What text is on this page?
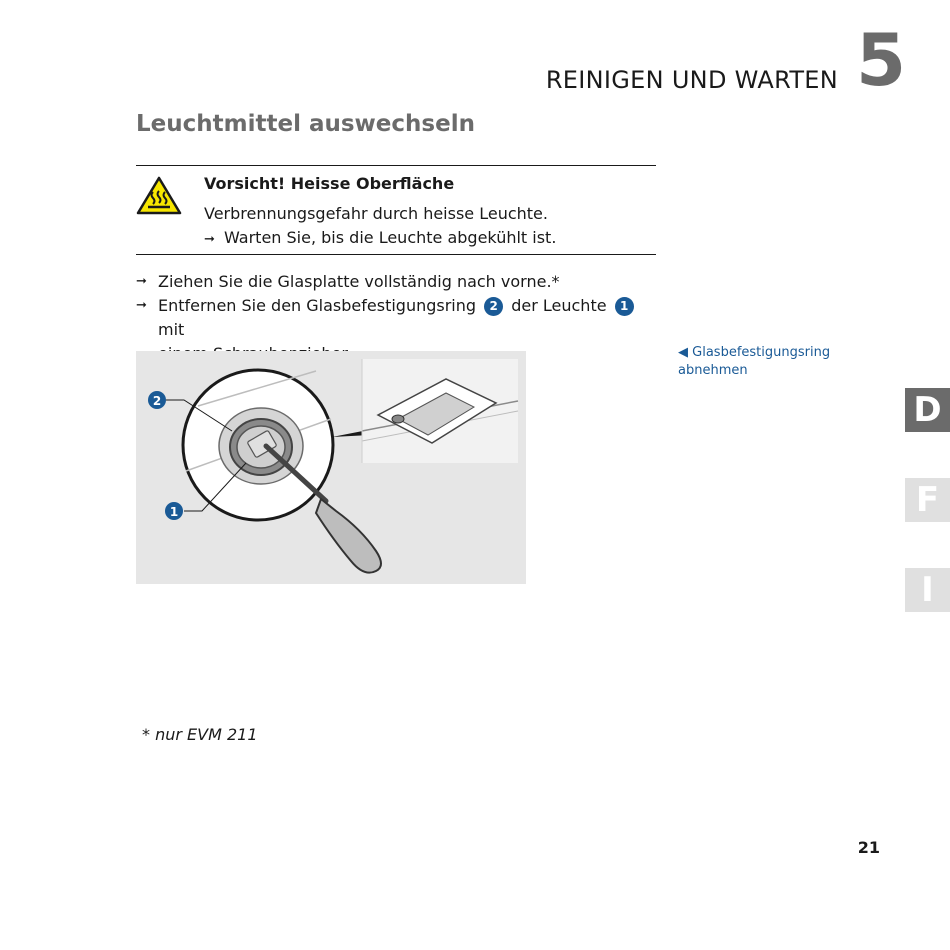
REINIGEN UND WARTEN 5
Leuchtmittel auswechseln
Vorsicht! Heisse Oberfläche
Verbrennungsgefahr durch heisse Leuchte.
➞ Warten Sie, bis die Leuchte abgekühlt ist.
➞ Ziehen Sie die Glasplatte vollständig nach vorne.*
➞ Entfernen Sie den Glasbefestigungsring 2 der Leuchte 1 mit

2
1
◀ Glasbefestigungsring
abnehmen
D
F
I
* nur EVM 211
21
